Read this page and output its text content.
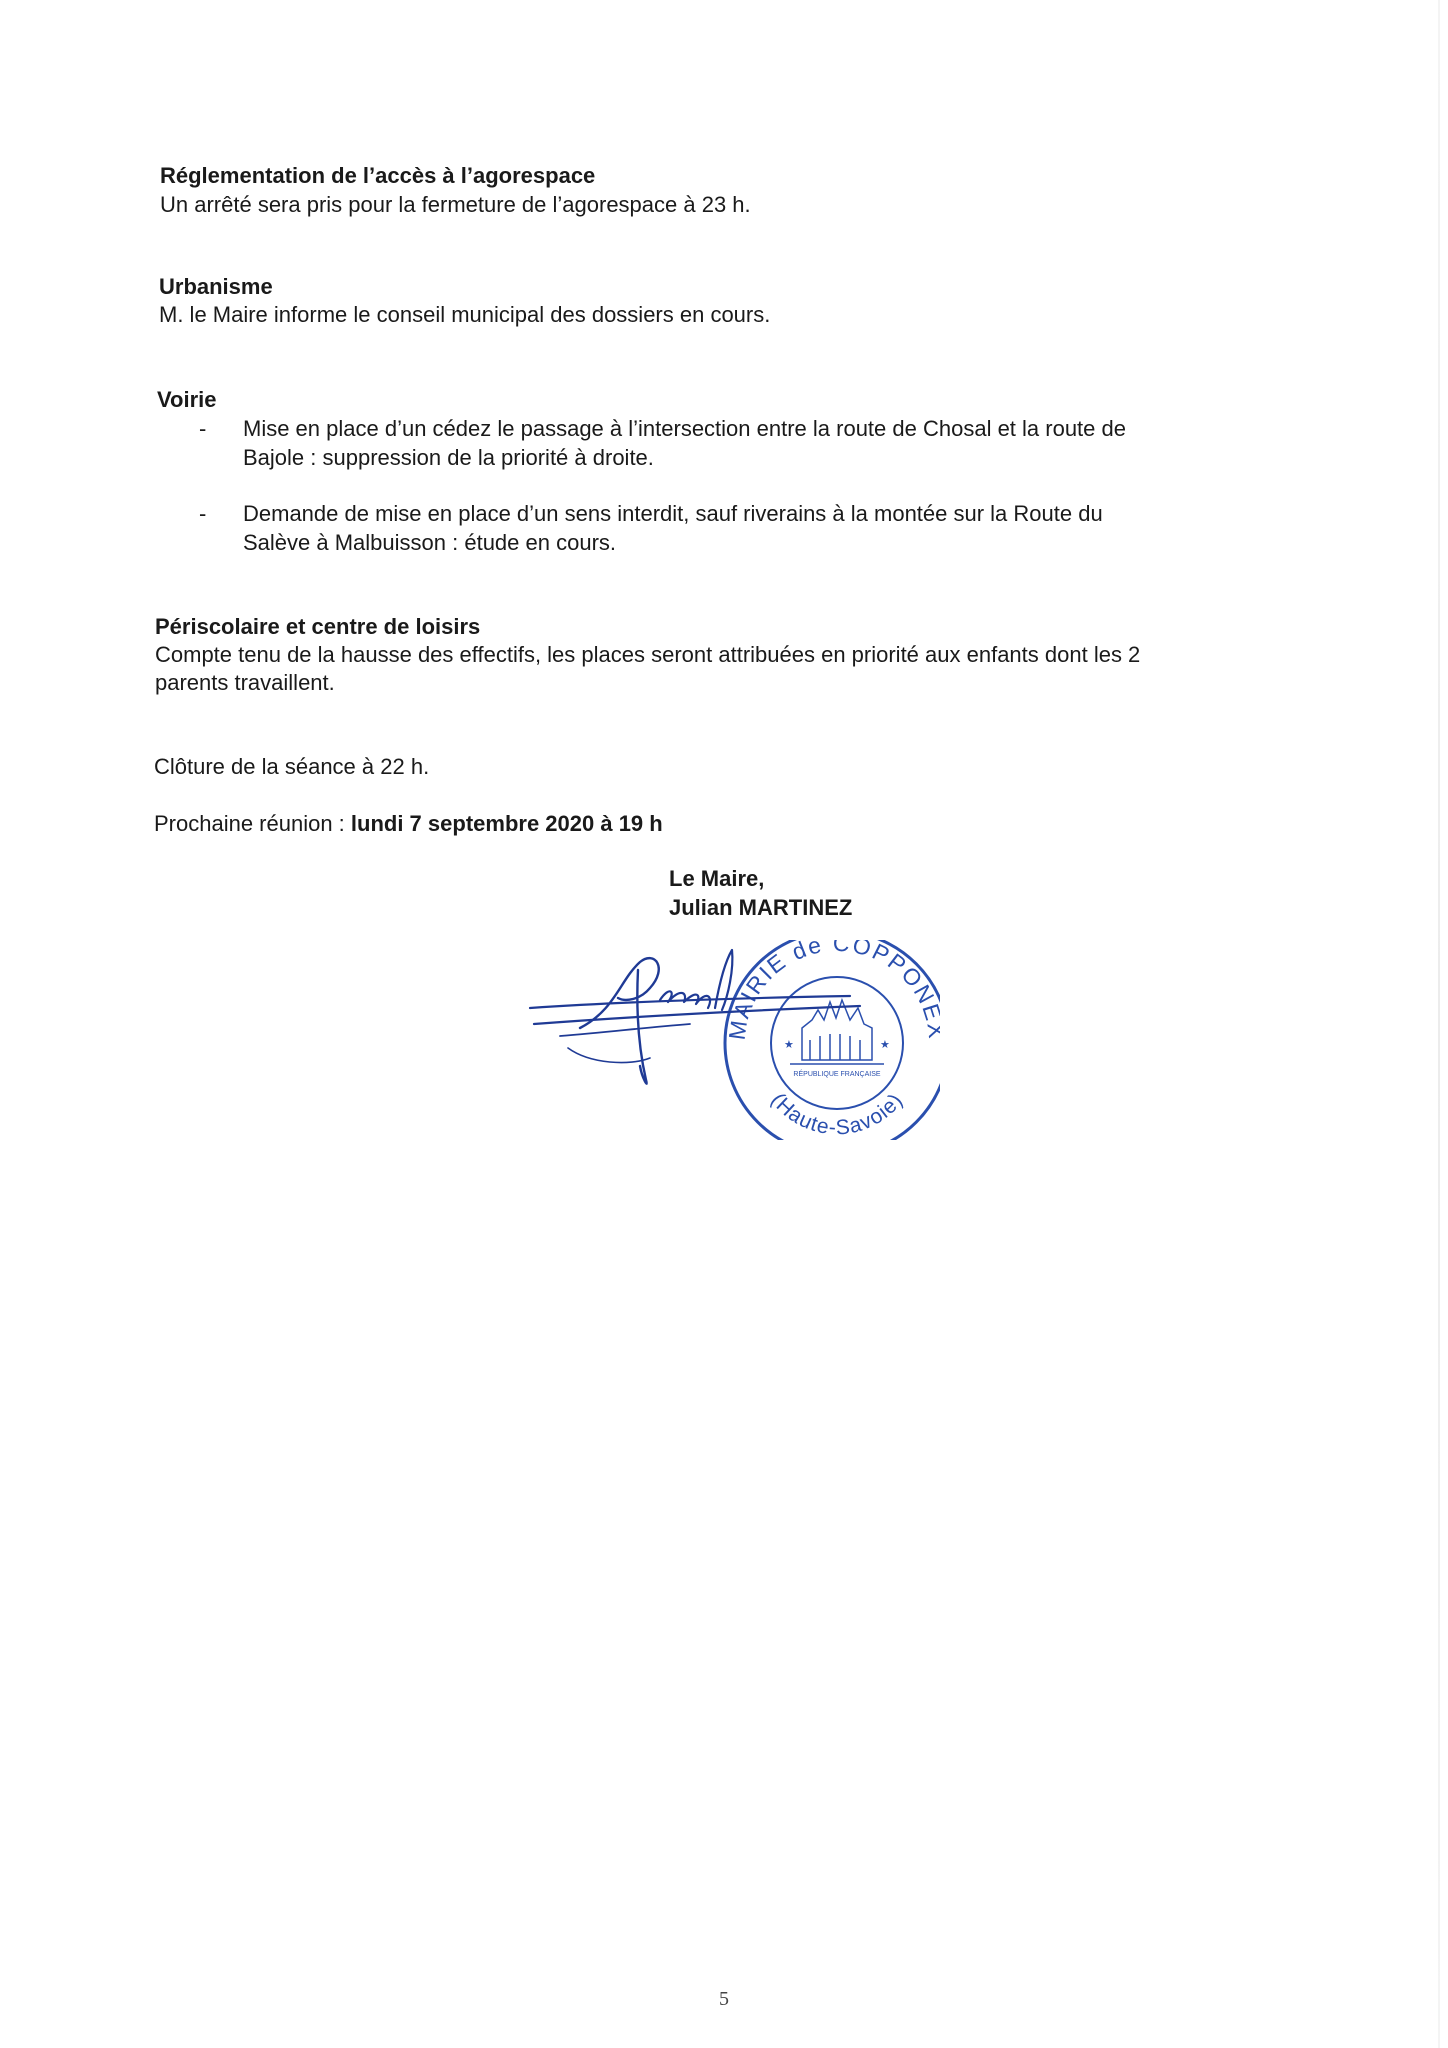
Réglementation de l’accès à l’agorespace

Un arrêté sera pris pour la fermeture de l’agorespace à 23 h.

Urbanisme

M. le Maire informe le conseil municipal des dossiers en cours.

Voirie

- Mise en place d’un cédez le passage à l’intersection entre la route de Chosal et la route de
Bajole : suppression de la priorité à droite.
- Demande de mise en place d’un sens interdit, sauf riverains à la montée sur la Route du
Salève à Malbuisson : étude en cours.

Périscolaire et centre de loisirs

Compte tenu de la hausse des effectifs, les places seront attribuées en priorité aux enfants dont les 2

parents travaillent.

Clôture de la séance à 22 h.

Prochaine réunion : lundi 7 septembre 2020 à 19 h

Le Maire,
Julian MARTINEZ
MAIRIE de COPPON
(Haute-Savoie)
RÉPUBLIQUE FRANÇAISE
★	★
5
